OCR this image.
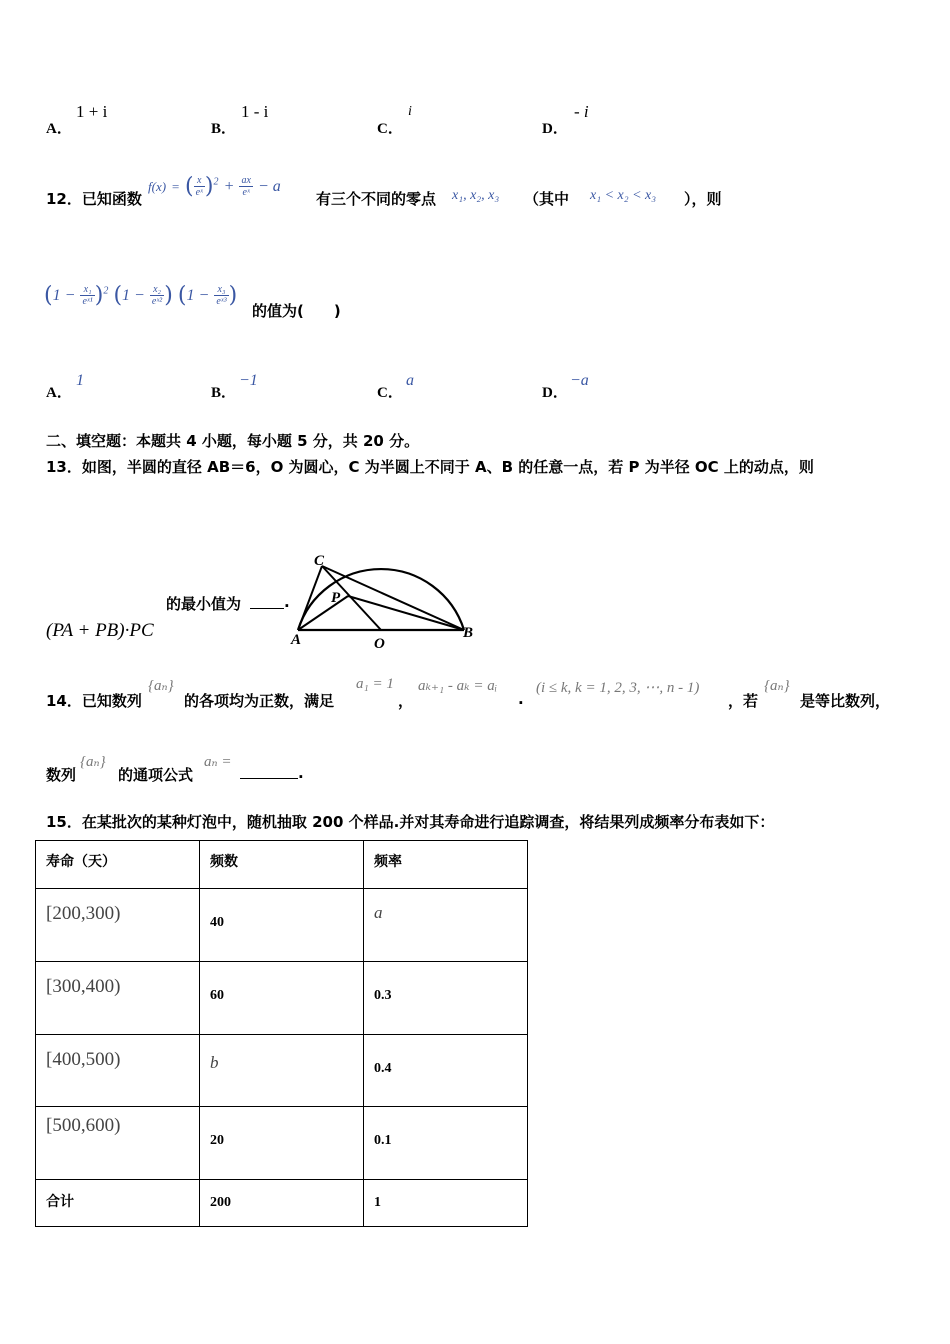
A．
1 + i
B．
1 - i
C．
i
D．
- i
12．已知函数
f(x) = ( $\frac{x}{\text{eˣ}} )^2 + \frac{ax}{\text{eˣ}} - a$
有三个不同的零点 x₁, x₂, x₃ （其中 x₁ < x₂ < x₃ ），则
$(1 - \frac{\text{x₁}}{\text{eˣ¹}} )^2$ ($1 - \frac{\text{x₂}}{\text{eˣ²}}$ ) ($1 - \frac{\text{x₃}}{\text{eˣ³}}$ )
的值为(　　)
A．
1
B．
−1
C．
a
D．
−a
二、填空题：本题共 4 小题，每小题 5 分，共 20 分。
13．如图，半圆的直径 AB＝6，O 为圆心，C 为半圆上不同于 A、B 的任意一点，若 P 为半径 OC 上的动点，则
的最小值为	.
(PA + PB)·PC
C
P
A	O
B
14．已知数列
{aₙ}
的各项均为正数，满足
a₁ = 1
，
aₖ₊₁ - aₖ = aᵢ
.
(i ≤ k, k = 1, 2, 3, ⋯, n - 1)
，若
{aₙ}
是等比数列，
数列
{aₙ}
的通项公式
aₙ =
.
15．在某批次的某种灯泡中，随机抽取 200 个样品.并对其寿命进行追踪调查，将结果列成频率分布表如下：
寿命（天）	频数	频率
[200,300)	40	a
[300,400)	60	0.3
[400,500)	b	0.4
[500,600)	20	0.1
合计	200	1
